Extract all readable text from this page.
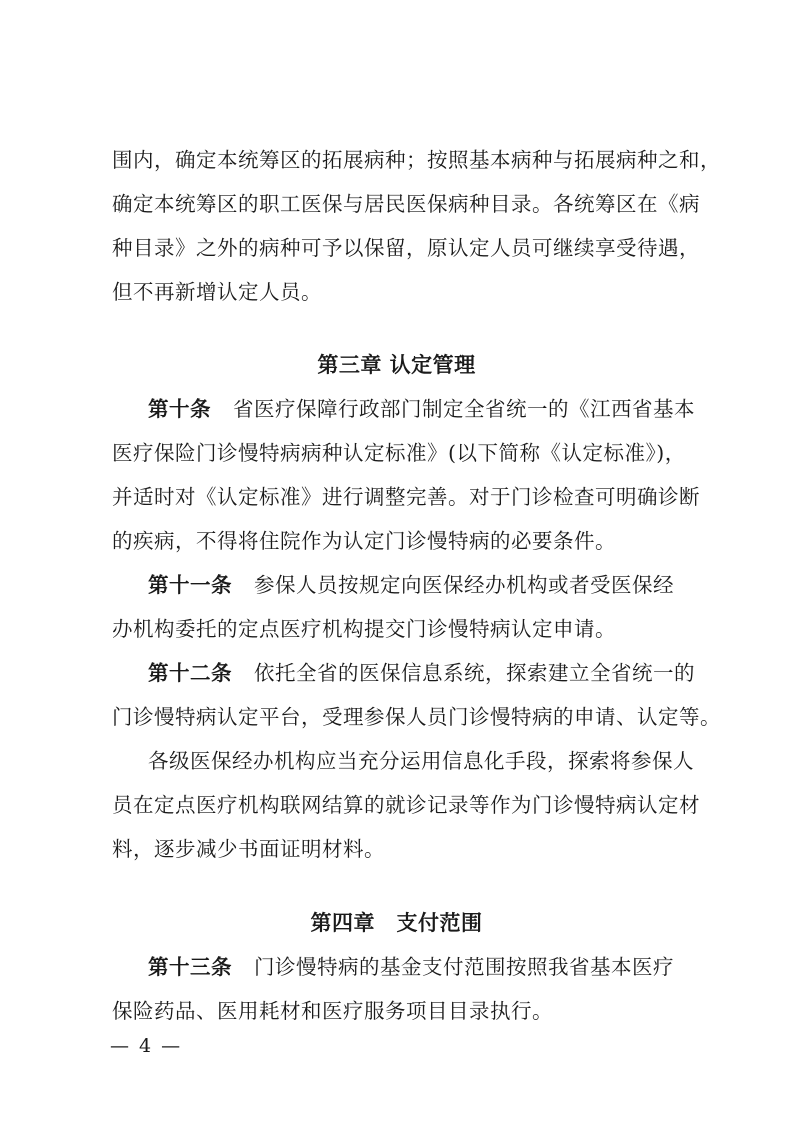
围内，确定本统筹区的拓展病种；按照基本病种与拓展病种之和，
确定本统筹区的职工医保与居民医保病种目录。各统筹区在《病
种目录》之外的病种可予以保留，原认定人员可继续享受待遇，
但不再新增认定人员。
第三章 认定管理
第十条 省医疗保障行政部门制定全省统一的《江西省基本
医疗保险门诊慢特病病种认定标准》(以下简称《认定标准》)，
并适时对《认定标准》进行调整完善。对于门诊检查可明确诊断
的疾病，不得将住院作为认定门诊慢特病的必要条件。
第十一条 参保人员按规定向医保经办机构或者受医保经
办机构委托的定点医疗机构提交门诊慢特病认定申请。
第十二条 依托全省的医保信息系统，探索建立全省统一的
门诊慢特病认定平台，受理参保人员门诊慢特病的申请、认定等。
各级医保经办机构应当充分运用信息化手段，探索将参保人
员在定点医疗机构联网结算的就诊记录等作为门诊慢特病认定材
料，逐步减少书面证明材料。
第四章　支付范围
第十三条 门诊慢特病的基金支付范围按照我省基本医疗
保险药品、医用耗材和医疗服务项目目录执行。
— 4 —
